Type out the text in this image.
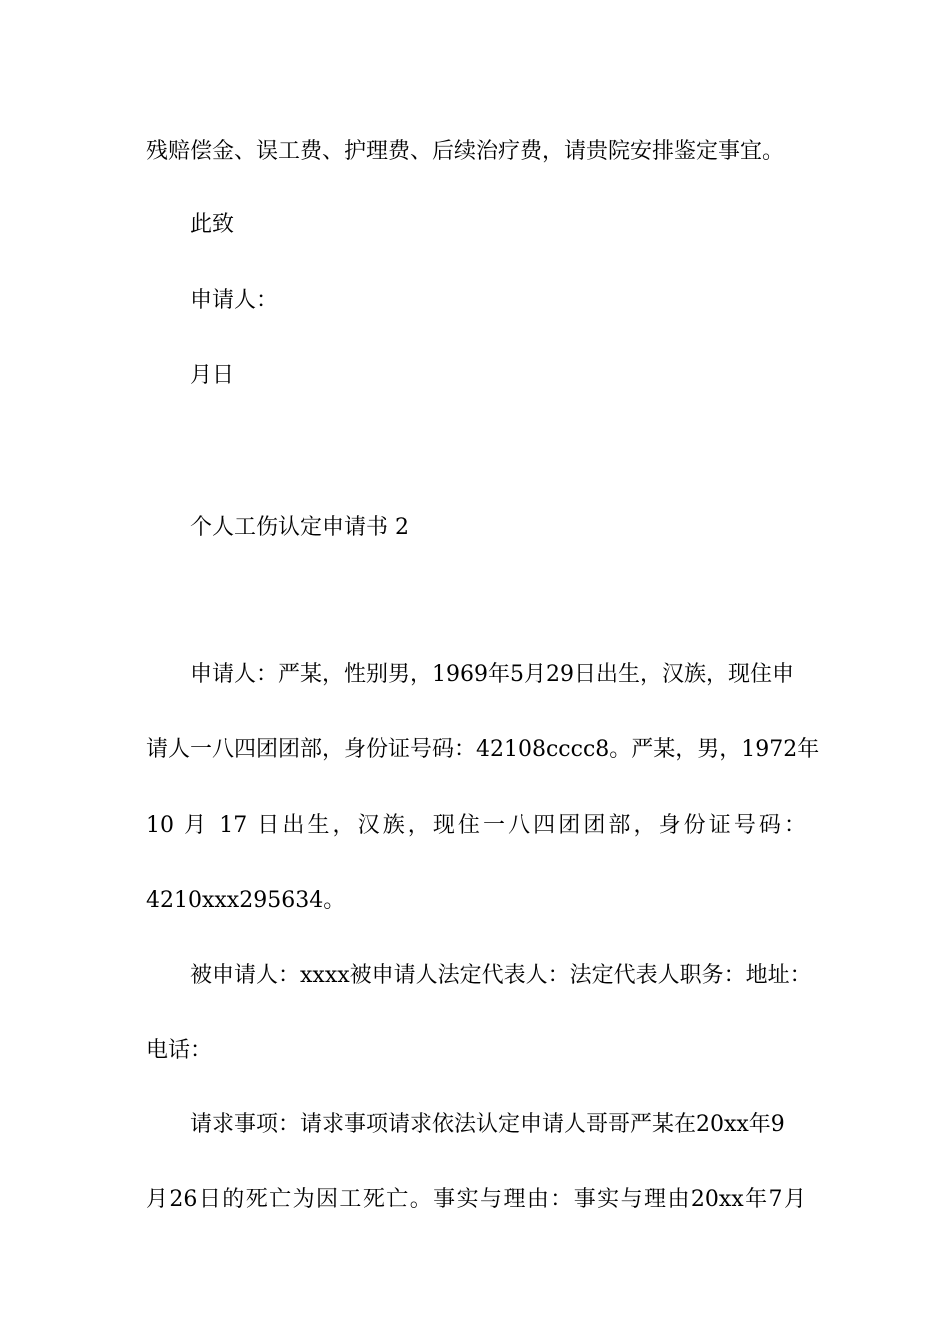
残赔偿金、误工费、护理费、后续治疗费，请贵院安排鉴定事宜。

此致

申请人：

月日

个人工伤认定申请书 2

申请人：严某，性别男，1969年5月29日出生，汉族，现住申

请人一八四团团部，身份证号码：42108cccc8。严某，男，1972年

10 月 17 日出生，汉族，现住一八四团团部，身份证号码：

4210xxx295634。

被申请人：xxxx被申请人法定代表人：法定代表人职务：地址：

电话：

请求事项：请求事项请求依法认定申请人哥哥严某在20xx年9

月26日的死亡为因工死亡。事实与理由：事实与理由20xx年7月
